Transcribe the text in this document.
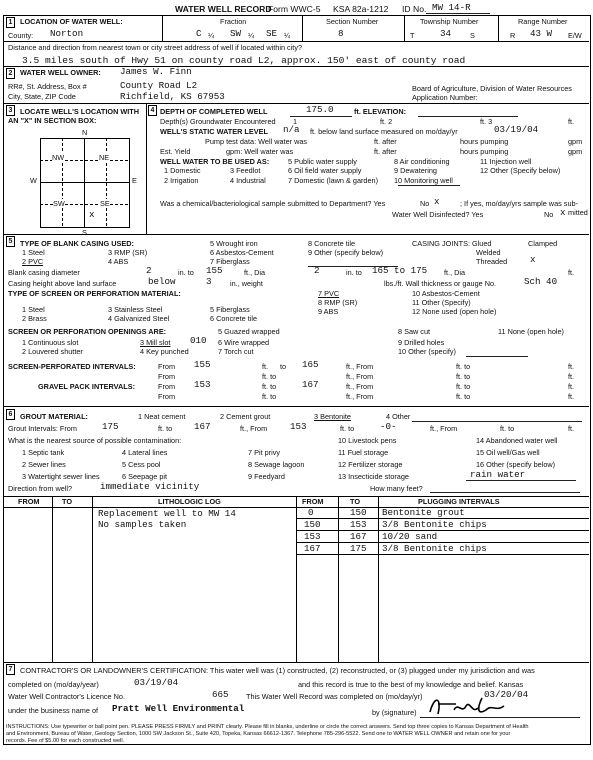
WATER WELL RECORD
Form WWC-5 KSA 82a-1212 ID No. MW 14-R
1	LOCATION OF WATER WELL:
County: Norton
Fraction
C ¼ SW ¼ SE ¼
Section Number
8
Township Number
T	34	S
Range Number
R 43 W E/W
Distance and direction from nearest town or city street address of well if located within city?
3.5 miles south of Hwy 51 on county road L2, approx. 150' east of county road
2	WATER WELL OWNER: James W. Finn
RR#, St. Address, Box #	County Road L2
City, State, ZIP Code	Richfield, KS 67953
Board of Agriculture, Division of Water Resources
Application Number:
3	LOCATE WELL'S LOCATION WITH
AN "X" IN SECTION BOX:
N
W	E
S
NW	NE
SW	SE
x
4 DEPTH OF COMPLETED WELL	175.0	ft. ELEVATION:
Depth(s) Groundwater Encountered 1	ft. 2	ft. 3	ft.
WELL'S STATIC WATER LEVEL n/a ft. below land surface measured on mo/day/yr	03/19/04
Pump test data: Well water was	ft. after	hours pumping	gpm
Est. Yield	gpm: Well water was	ft. after	hours pumping	gpm
WELL WATER TO BE USED AS:
1 Domestic	3 Feedlot
5 Public water supply	8 Air conditioning	11 Injection well
2 Irrigation	4 Industrial
6 Oil field water supply	9 Dewatering	12 Other (Specify below)
7 Domestic (lawn & garden) 10 Monitoring well
Was a chemical/bacteriological sample submitted to Department? Yes	No x	; If yes, mo/day/yrs sample was sub-
mitted
Water Well Disinfected? Yes	No x
5	TYPE OF BLANK CASING USED:
1 Steel	3 RMP (SR)
5 Wrought iron	8 Concrete tile
2 PVC	4 ABS
6 Asbestos-Cement	9 Other (specify below)
7 Fiberglass
CASING JOINTS: Glued	Clamped
Welded
Threaded x
Blank casing diameter	2	in. to 155	ft., Dia	2	in. to 165 to 175 ft., Dia	ft.
Casing height above land surface	below	3	in., weight	lbs./ft. Wall thickness or gauge No.	Sch 40
TYPE OF SCREEN OR PERFORATION MATERIAL:
1 Steel	3 Stainless Steel	5 Fiberglass
7 PVC	10 Asbestos-Cement
8 RMP (SR)	11 Other (Specify)
2 Brass	4 Galvanized Steel	6 Concrete tile
9 ABS	12 None used (open hole)
SCREEN OR PERFORATION OPENINGS ARE:	5 Guazed wrapped	8 Saw cut	11 None (open hole)
1 Continuous slot	3 Mill slot 010 6 Wire wrapped	9 Drilled holes
2 Louvered shutter	4 Key punched	7 Torch cut	10 Other (specify)
SCREEN-PERFORATED INTERVALS:	From 155	ft. to 165	ft., From	ft. to	ft.
From	ft. to	ft., From	ft. to	ft.
GRAVEL PACK INTERVALS:	From 153	ft. to	167	ft., From	ft. to	ft.
From	ft. to	ft., From	ft. to	ft.
6	GROUT MATERIAL:	1 Neat cement	2 Cement grout	3 Bentonite	4 Other
Grout Intervals: From	175	ft. to 167	ft., From 153	ft. to	-0-	ft., From	ft. to	ft.
What is the nearest source of possible contamination:
1 Septic tank	4 Lateral lines	7 Pit privy
10 Livestock pens	14 Abandoned water well
2 Sewer lines	5 Cess pool	8 Sewage lagoon
11 Fuel storage	15 Oil well/Gas well
3 Watertight sewer lines	6 Seepage pit	9 Feedyard
12 Fertilizer storage	16 Other (specify below)
13 Insecticide storage	rain water
Direction from well?	immediate vicinity	How many feet?
FROM	TO	LITHOLOGIC LOG	FROM	TO	PLUGGING INTERVALS
Replacement well to MW 14
No samples taken
0	150 Bentonite grout
150	153 3/8 Bentonite chips
153	167 10/20 sand
167	175 3/8 Bentonite chips
7	CONTRACTOR'S OR LANDOWNER'S CERTIFICATION: This water well was (1) constructed, (2) reconstructed, or (3) plugged under my jurisdiction and was
completed on (mo/day/year)	03/19/04	and this record is true to the best of my knowledge and belief. Kansas
Water Well Contractor's Licence No.	665 This Water Well Record was completed on (mo/day/yr)	03/20/04
under the business name of Pratt Well Environmental	by (signature)
INSTRUCTIONS: Use typewriter or ball point pen. PLEASE PRESS FIRMLY and PRINT clearly. Please fill in blanks, underline or circle the correct answers. Send top three copies to Kansas Department of Health
and Environment, Bureau of Water, Geology Section, 1000 SW Jackson St., Suite 420, Topeka, Kansas 66612-1367. Telephone 785-296-5522. Send one to WATER WELL OWNER and retain one for your
records. Fee of $5.00 for each constructed well.
